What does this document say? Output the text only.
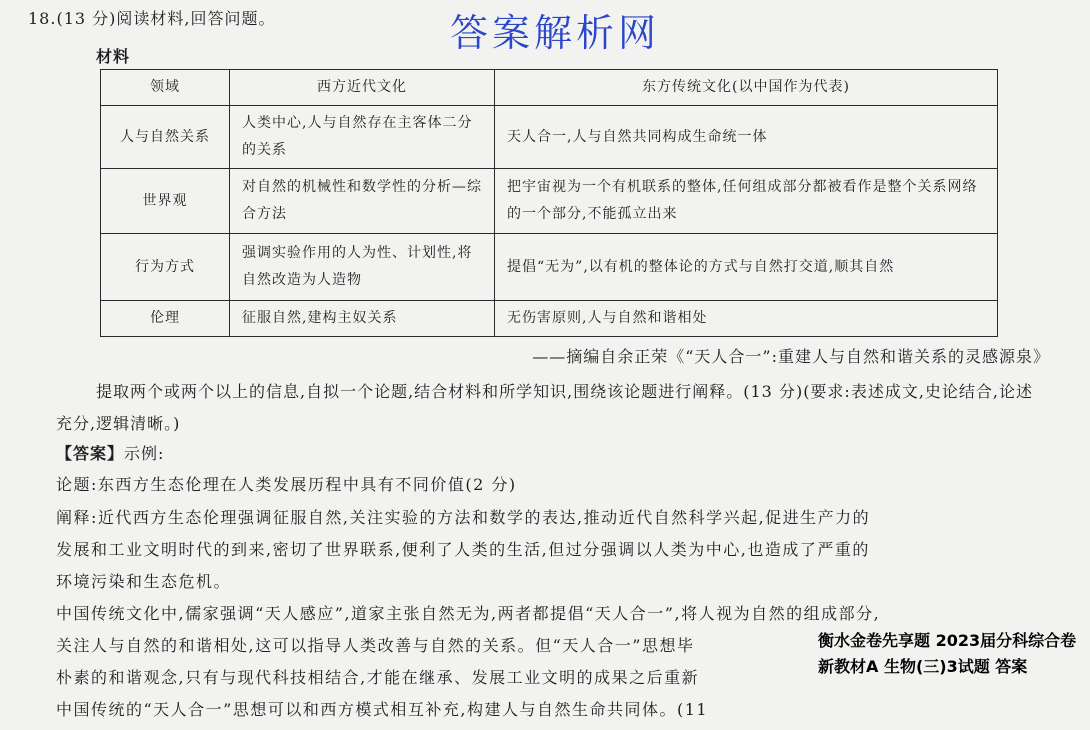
18.(13 分)阅读材料,回答问题。	答案解析网
材料
领域	西方近代文化	东方传统文化(以中国作为代表)
人与自然关系	人类中心,人与自然存在主客体二分的关系	天人合一,人与自然共同构成生命统一体
世界观	对自然的机械性和数学性的分析—综合方法	把宇宙视为一个有机联系的整体,任何组成部分都被看作是整个关系网络的一个部分,不能孤立出来
行为方式	强调实验作用的人为性、计划性,将自然改造为人造物	提倡“无为”,以有机的整体论的方式与自然打交道,顺其自然
伦理	征服自然,建构主奴关系	无伤害原则,人与自然和谐相处
——摘编自余正荣《“天人合一”:重建人与自然和谐关系的灵感源泉》
提取两个或两个以上的信息,自拟一个论题,结合材料和所学知识,围绕该论题进行阐释。(13 分)(要求:表述成文,史论结合,论述充分,逻辑清晰。)
【答案】示例:
论题:东西方生态伦理在人类发展历程中具有不同价值(2 分)
阐释:近代西方生态伦理强调征服自然,关注实验的方法和数学的表达,推动近代自然科学兴起,促进生产力的
发展和工业文明时代的到来,密切了世界联系,便利了人类的生活,但过分强调以人类为中心,也造成了严重的
环境污染和生态危机。
中国传统文化中,儒家强调“天人感应”,道家主张自然无为,两者都提倡“天人合一”,将人视为自然的组成部分,
关注人与自然的和谐相处,这可以指导人类改善与自然的关系。但“天人合一”思想毕
朴素的和谐观念,只有与现代科技相结合,才能在继承、发展工业文明的成果之后重新
中国传统的“天人合一”思想可以和西方模式相互补充,构建人与自然生命共同体。(11
衡水金卷先享题 2023届分科综合卷 新教材A 生物(三)3试题 答案
